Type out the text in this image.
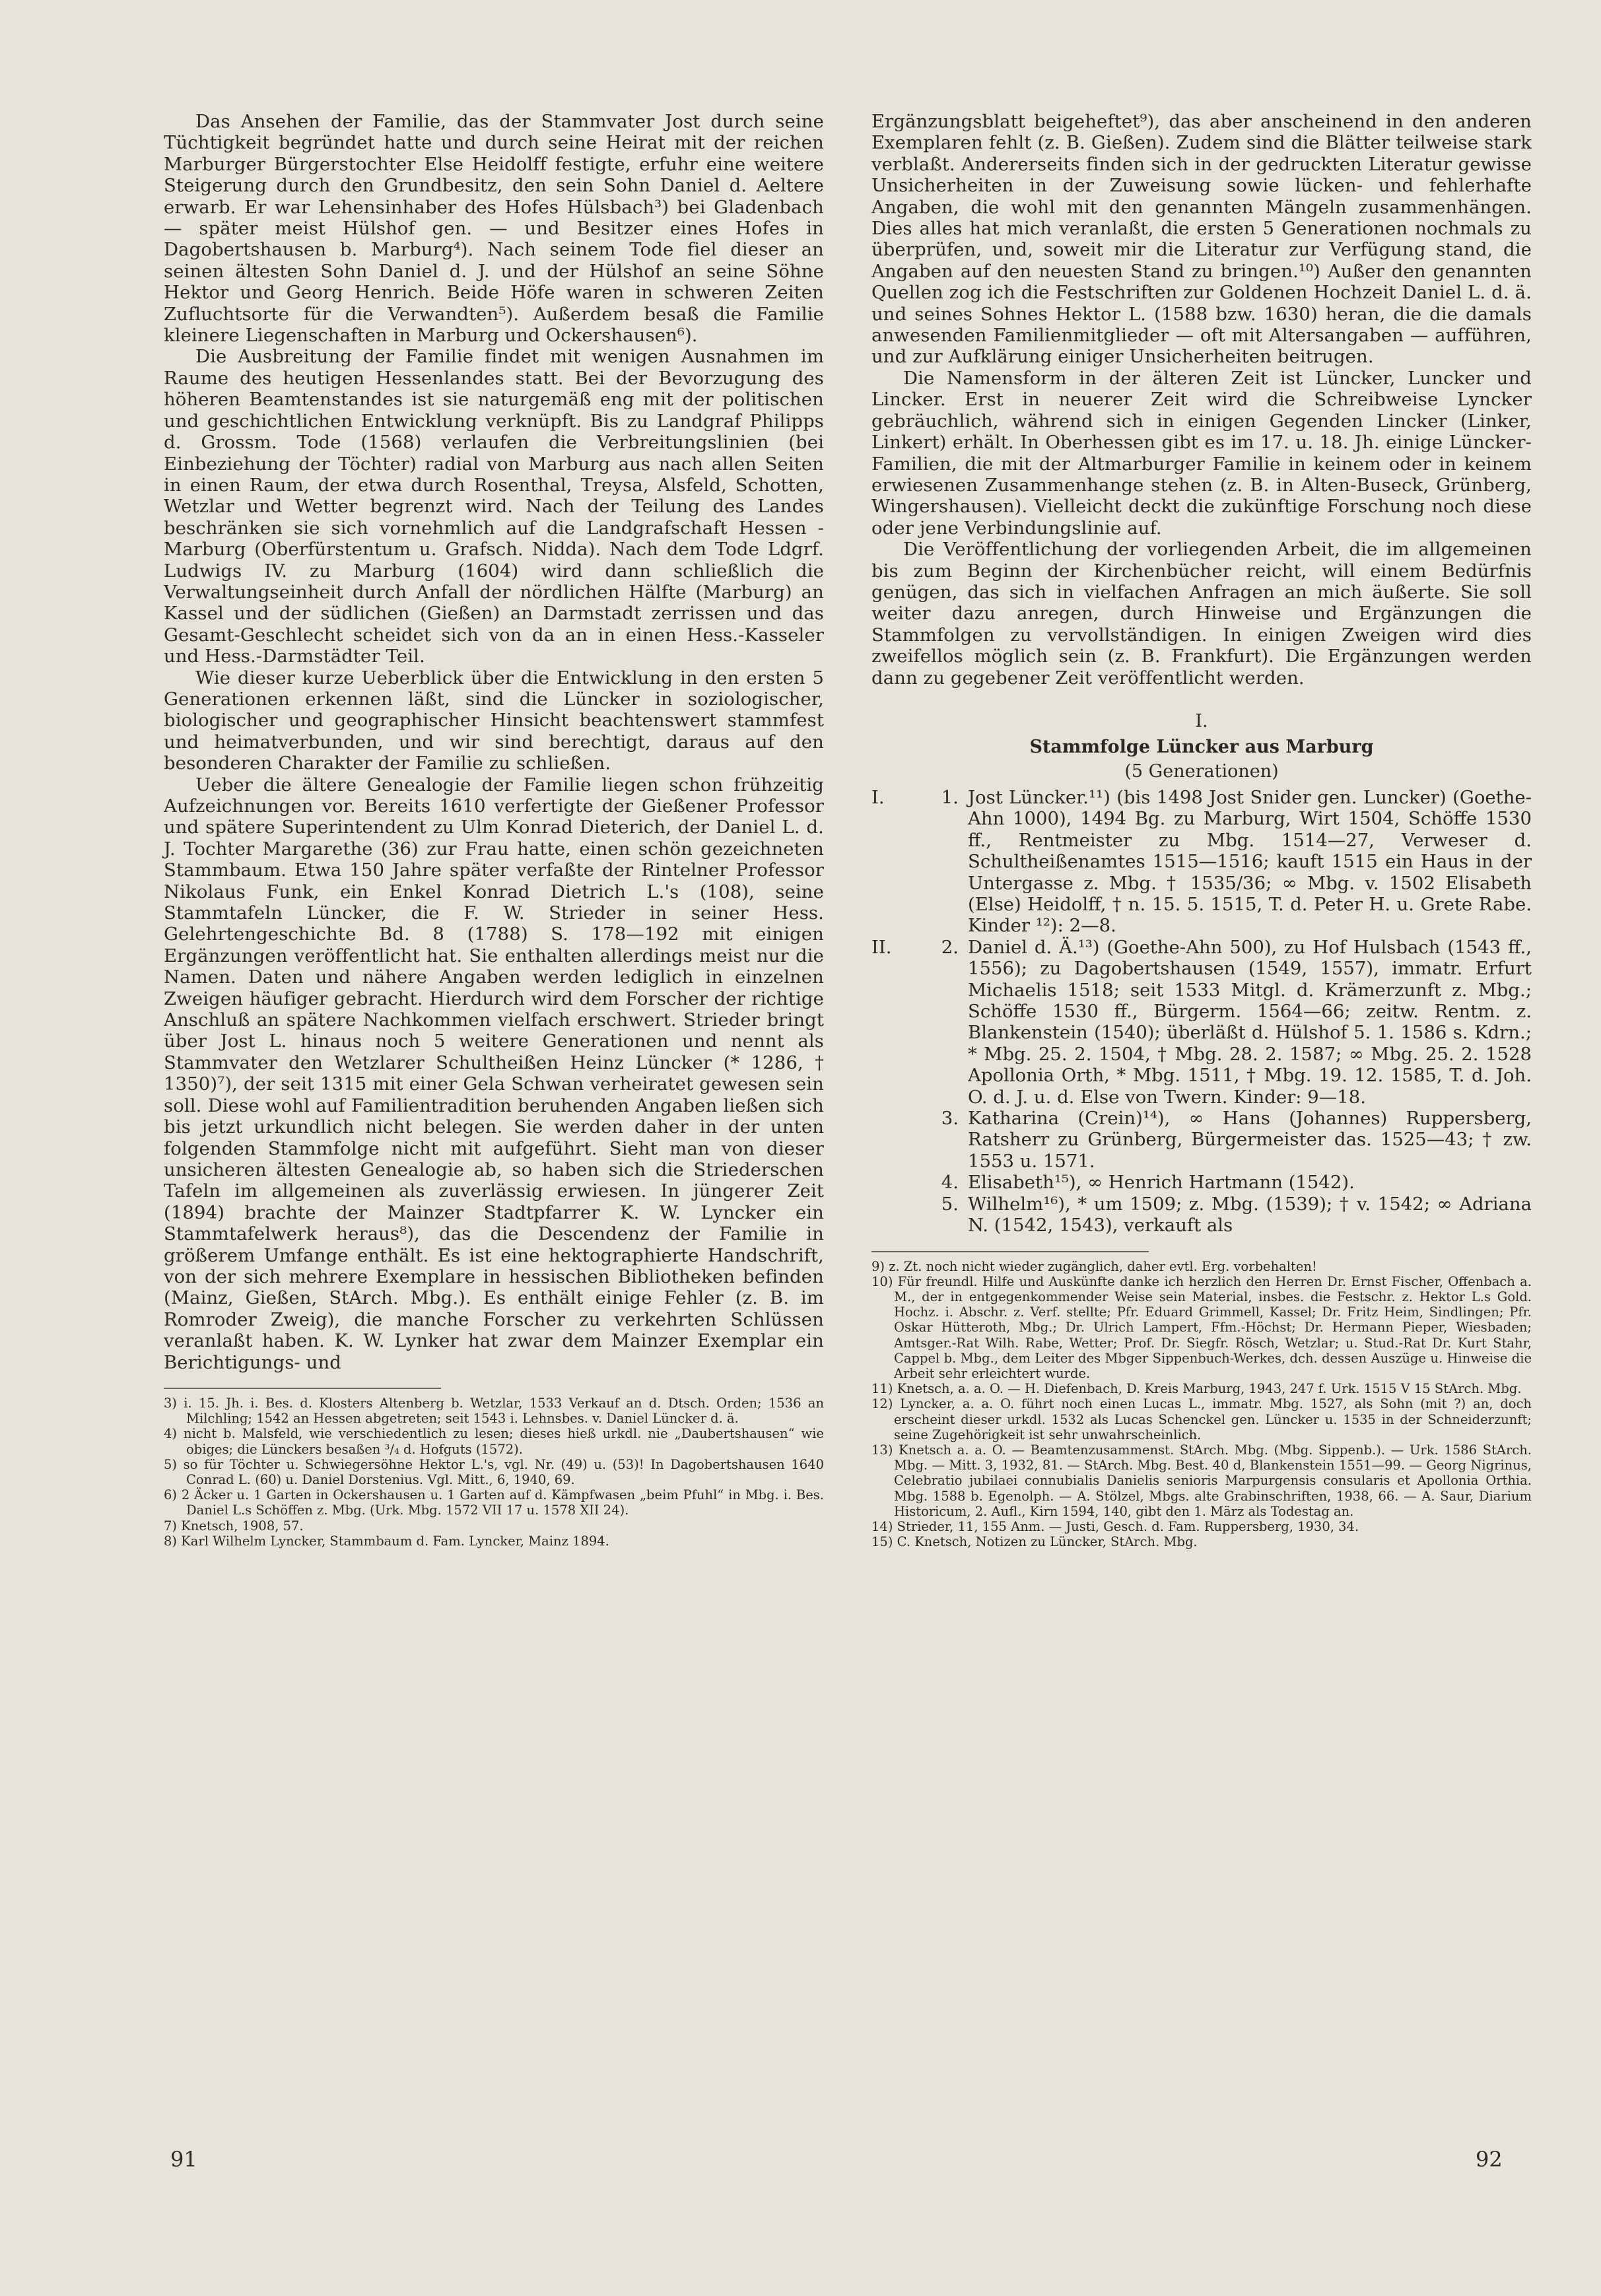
Das Ansehen der Familie, das der Stammvater Jost durch seine Tüchtigkeit begründet hatte und durch seine Heirat mit der reichen Marburger Bürgerstochter Else Heidolff festigte, erfuhr eine weitere Steigerung durch den Grundbesitz, den sein Sohn Daniel d. Aeltere erwarb. Er war Lehensinhaber des Hofes Hülsbach³) bei Gladenbach — später meist Hülshof gen. — und Besitzer eines Hofes in Dagobertshausen b. Marburg⁴). Nach seinem Tode fiel dieser an seinen ältesten Sohn Daniel d. J. und der Hülshof an seine Söhne Hektor und Georg Henrich. Beide Höfe waren in schweren Zeiten Zufluchtsorte für die Verwandten⁵). Außerdem besaß die Familie kleinere Liegenschaften in Marburg und Ockershausen⁶).

Die Ausbreitung der Familie findet mit wenigen Ausnahmen im Raume des heutigen Hessenlandes statt. Bei der Bevorzugung des höheren Beamtenstandes ist sie naturgemäß eng mit der politischen und geschichtlichen Entwicklung verknüpft. Bis zu Landgraf Philipps d. Grossm. Tode (1568) verlaufen die Verbreitungslinien (bei Einbeziehung der Töchter) radial von Marburg aus nach allen Seiten in einen Raum, der etwa durch Rosenthal, Treysa, Alsfeld, Schotten, Wetzlar und Wetter begrenzt wird. Nach der Teilung des Landes beschränken sie sich vornehmlich auf die Landgrafschaft Hessen - Marburg (Oberfürstentum u. Grafsch. Nidda). Nach dem Tode Ldgrf. Ludwigs IV. zu Marburg (1604) wird dann schließlich die Verwaltungseinheit durch Anfall der nördlichen Hälfte (Marburg) an Kassel und der südlichen (Gießen) an Darmstadt zerrissen und das Gesamt-Geschlecht scheidet sich von da an in einen Hess.-Kasseler und Hess.-Darmstädter Teil.

Wie dieser kurze Ueberblick über die Entwicklung in den ersten 5 Generationen erkennen läßt, sind die Lüncker in soziologischer, biologischer und geographischer Hinsicht beachtenswert stammfest und heimatverbunden, und wir sind berechtigt, daraus auf den besonderen Charakter der Familie zu schließen.

Ueber die ältere Genealogie der Familie liegen schon frühzeitig Aufzeichnungen vor. Bereits 1610 verfertigte der Gießener Professor und spätere Superintendent zu Ulm Konrad Dieterich, der Daniel L. d. J. Tochter Margarethe (36) zur Frau hatte, einen schön gezeichneten Stammbaum. Etwa 150 Jahre später verfaßte der Rintelner Professor Nikolaus Funk, ein Enkel Konrad Dietrich L.'s (108), seine Stammtafeln Lüncker, die F. W. Strieder in seiner Hess. Gelehrtengeschichte Bd. 8 (1788) S. 178—192 mit einigen Ergänzungen veröffentlicht hat. Sie enthalten allerdings meist nur die Namen. Daten und nähere Angaben werden lediglich in einzelnen Zweigen häufiger gebracht. Hierdurch wird dem Forscher der richtige Anschluß an spätere Nachkommen vielfach erschwert. Strieder bringt über Jost L. hinaus noch 5 weitere Generationen und nennt als Stammvater den Wetzlarer Schultheißen Heinz Lüncker (* 1286, † 1350)⁷), der seit 1315 mit einer Gela Schwan verheiratet gewesen sein soll. Diese wohl auf Familientradition beruhenden Angaben ließen sich bis jetzt urkundlich nicht belegen. Sie werden daher in der unten folgenden Stammfolge nicht mit aufgeführt. Sieht man von dieser unsicheren ältesten Genealogie ab, so haben sich die Striederschen Tafeln im allgemeinen als zuverlässig erwiesen. In jüngerer Zeit (1894) brachte der Mainzer Stadtpfarrer K. W. Lyncker ein Stammtafelwerk heraus⁸), das die Descendenz der Familie in größerem Umfange enthält. Es ist eine hektographierte Handschrift, von der sich mehrere Exemplare in hessischen Bibliotheken befinden (Mainz, Gießen, StArch. Mbg.). Es enthält einige Fehler (z. B. im Romroder Zweig), die manche Forscher zu verkehrten Schlüssen veranlaßt haben. K. W. Lynker hat zwar dem Mainzer Exemplar ein Berichtigungs- und

3) i. 15. Jh. i. Bes. d. Klosters Altenberg b. Wetzlar, 1533 Verkauf an d. Dtsch. Orden; 1536 an Milchling; 1542 an Hessen abgetreten; seit 1543 i. Lehnsbes. v. Daniel Lüncker d. ä.

4) nicht b. Malsfeld, wie verschiedentlich zu lesen; dieses hieß urkdl. nie „Daubertshausen“ wie obiges; die Lünckers besaßen ³/₄ d. Hofguts (1572).

5) so für Töchter u. Schwiegersöhne Hektor L.'s, vgl. Nr. (49) u. (53)! In Dagobertshausen 1640 Conrad L. (60) u. Daniel Dorstenius. Vgl. Mitt., 6, 1940, 69.

6) 2 Äcker u. 1 Garten in Ockershausen u. 1 Garten auf d. Kämpfwasen „beim Pfuhl“ in Mbg. i. Bes. Daniel L.s Schöffen z. Mbg. (Urk. Mbg. 1572 VII 17 u. 1578 XII 24).

7) Knetsch, 1908, 57.

8) Karl Wilhelm Lyncker, Stammbaum d. Fam. Lyncker, Mainz 1894.

Ergänzungsblatt beigeheftet⁹), das aber anscheinend in den anderen Exemplaren fehlt (z. B. Gießen). Zudem sind die Blätter teilweise stark verblaßt. Andererseits finden sich in der gedruckten Literatur gewisse Unsicherheiten in der Zuweisung sowie lücken- und fehlerhafte Angaben, die wohl mit den genannten Mängeln zusammenhängen. Dies alles hat mich veranlaßt, die ersten 5 Generationen nochmals zu überprüfen, und, soweit mir die Literatur zur Verfügung stand, die Angaben auf den neuesten Stand zu bringen.¹⁰) Außer den genannten Quellen zog ich die Festschriften zur Goldenen Hochzeit Daniel L. d. ä. und seines Sohnes Hektor L. (1588 bzw. 1630) heran, die die damals anwesenden Familienmitglieder — oft mit Altersangaben — aufführen, und zur Aufklärung einiger Unsicherheiten beitrugen.

Die Namensform in der älteren Zeit ist Lüncker, Luncker und Lincker. Erst in neuerer Zeit wird die Schreibweise Lyncker gebräuchlich, während sich in einigen Gegenden Lincker (Linker, Linkert) erhält. In Oberhessen gibt es im 17. u. 18. Jh. einige Lüncker-Familien, die mit der Altmarburger Familie in keinem oder in keinem erwiesenen Zusammenhange stehen (z. B. in Alten-Buseck, Grünberg, Wingershausen). Vielleicht deckt die zukünftige Forschung noch diese oder jene Verbindungslinie auf.

Die Veröffentlichung der vorliegenden Arbeit, die im allgemeinen bis zum Beginn der Kirchenbücher reicht, will einem Bedürfnis genügen, das sich in vielfachen Anfragen an mich äußerte. Sie soll weiter dazu anregen, durch Hinweise und Ergänzungen die Stammfolgen zu vervollständigen. In einigen Zweigen wird dies zweifellos möglich sein (z. B. Frankfurt). Die Ergänzungen werden dann zu gegebener Zeit veröffentlicht werden.

I.
Stammfolge Lüncker aus Marburg
(5 Generationen)
I.	1. Jost Lüncker.¹¹) (bis 1498 Jost Snider gen. Luncker) (Goethe-Ahn 1000), 1494 Bg. zu Marburg, Wirt 1504, Schöffe 1530 ff., Rentmeister zu Mbg. 1514—27, Verweser d. Schultheißenamtes 1515—1516; kauft 1515 ein Haus in der Untergasse z. Mbg. † 1535/36; ∞ Mbg. v. 1502 Elisabeth (Else) Heidolff, † n. 15. 5. 1515, T. d. Peter H. u. Grete Rabe. Kinder ¹²): 2—8.
II.	2. Daniel d. Ä.¹³) (Goethe-Ahn 500), zu Hof Hulsbach (1543 ff., 1556); zu Dagobertshausen (1549, 1557), immatr. Erfurt Michaelis 1518; seit 1533 Mitgl. d. Krämerzunft z. Mbg.; Schöffe 1530 ff., Bürgerm. 1564—66; zeitw. Rentm. z. Blankenstein (1540); überläßt d. Hülshof 5. 1. 1586 s. Kdrn.; * Mbg. 25. 2. 1504, † Mbg. 28. 2. 1587; ∞ Mbg. 25. 2. 1528 Apollonia Orth, * Mbg. 1511, † Mbg. 19. 12. 1585, T. d. Joh. O. d. J. u. d. Else von Twern. Kinder: 9—18.
3. Katharina (Crein)¹⁴), ∞ Hans (Johannes) Ruppersberg, Ratsherr zu Grünberg, Bürgermeister das. 1525—43; † zw. 1553 u. 1571.
4. Elisabeth¹⁵), ∞ Henrich Hartmann (1542).
5. Wilhelm¹⁶), * um 1509; z. Mbg. (1539); † v. 1542; ∞ Adriana N. (1542, 1543), verkauft als

9) z. Zt. noch nicht wieder zugänglich, daher evtl. Erg. vorbehalten!

10) Für freundl. Hilfe und Auskünfte danke ich herzlich den Herren Dr. Ernst Fischer, Offenbach a. M., der in entgegenkommender Weise sein Material, insbes. die Festschr. z. Hektor L.s Gold. Hochz. i. Abschr. z. Verf. stellte; Pfr. Eduard Grimmell, Kassel; Dr. Fritz Heim, Sindlingen; Pfr. Oskar Hütteroth, Mbg.; Dr. Ulrich Lampert, Ffm.-Höchst; Dr. Hermann Pieper, Wiesbaden; Amtsger.-Rat Wilh. Rabe, Wetter; Prof. Dr. Siegfr. Rösch, Wetzlar; u. Stud.-Rat Dr. Kurt Stahr, Cappel b. Mbg., dem Leiter des Mbger Sippenbuch-Werkes, dch. dessen Auszüge u. Hinweise die Arbeit sehr erleichtert wurde.

11) Knetsch, a. a. O. — H. Diefenbach, D. Kreis Marburg, 1943, 247 f. Urk. 1515 V 15 StArch. Mbg.

12) Lyncker, a. a. O. führt noch einen Lucas L., immatr. Mbg. 1527, als Sohn (mit ?) an, doch erscheint dieser urkdl. 1532 als Lucas Schenckel gen. Lüncker u. 1535 in der Schneiderzunft; seine Zugehörigkeit ist sehr unwahrscheinlich.

13) Knetsch a. a. O. — Beamtenzusammenst. StArch. Mbg. (Mbg. Sippenb.). — Urk. 1586 StArch. Mbg. — Mitt. 3, 1932, 81. — StArch. Mbg. Best. 40 d, Blankenstein 1551—99. — Georg Nigrinus, Celebratio jubilaei connubialis Danielis senioris Marpurgensis consularis et Apollonia Orthia. Mbg. 1588 b. Egenolph. — A. Stölzel, Mbgs. alte Grabinschriften, 1938, 66. — A. Saur, Diarium Historicum, 2. Aufl., Kirn 1594, 140, gibt den 1. März als Todestag an.

14) Strieder, 11, 155 Anm. — Justi, Gesch. d. Fam. Ruppersberg, 1930, 34.

15) C. Knetsch, Notizen zu Lüncker, StArch. Mbg.

91	92
